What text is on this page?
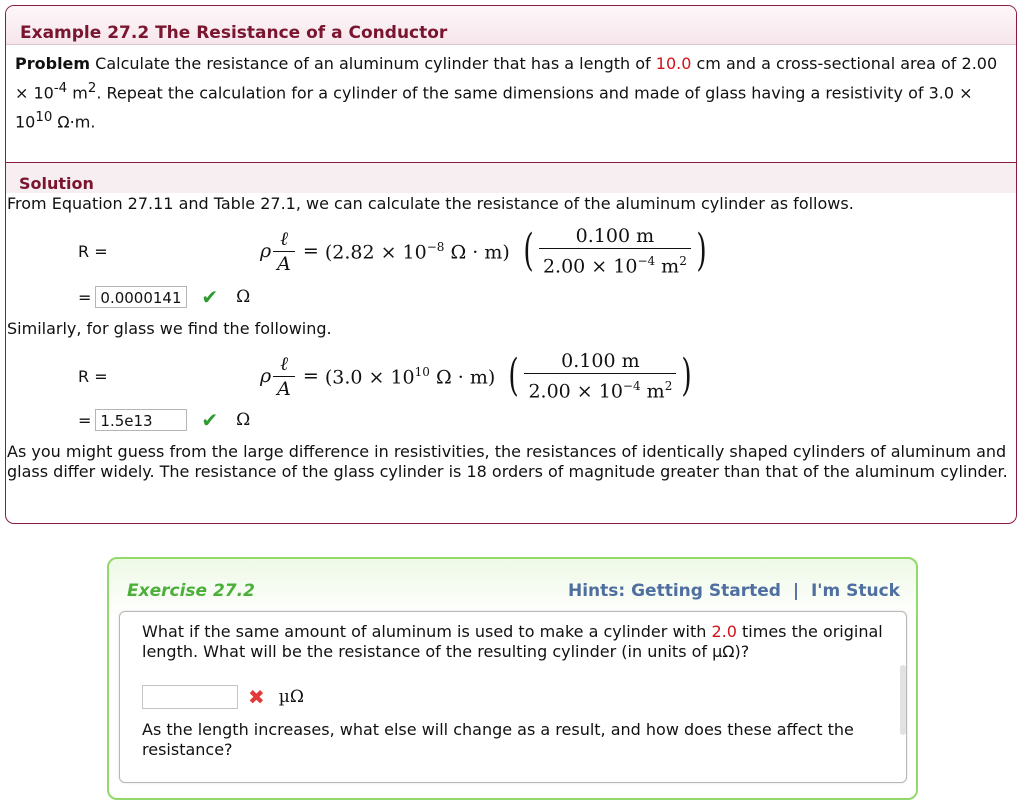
Example 27.2 The Resistance of a Conductor
Problem Calculate the resistance of an aluminum cylinder that has a length of 10.0 cm and a cross-sectional area of $2.00 \times 10^{-4}$ $m^2$. Repeat the calculation for a cylinder of the same dimensions and made of glass having a resistivity of $3.0 \times 10^{10}$ Ω·m.
Solution
From Equation 27.11 and Table 27.1, we can calculate the resistance of the aluminum cylinder as follows.
R =	ρ $\frac{\text{ℓ}}{A} = (2.82 \times 10^{-8}$ Ω · m) ( $\frac{0.100 m}{2.00 \times 10^{-4} m^2}$ )
= 0.0000141 ✔ Ω
Similarly, for glass we find the following.
R =	ρ $\frac{\text{ℓ}}{A} = (3.0 \times 10^{10}$ Ω · m) ( $\frac{0.100 m}{2.00 \times 10^{-4} m^2}$ )
= 1.5e13	✔ Ω
As you might guess from the large difference in resistivities, the resistances of identically shaped cylinders of aluminum and glass differ widely. The resistance of the glass cylinder is 18 orders of magnitude greater than that of the aluminum cylinder.
Exercise 27.2	Hints: Getting Started | I'm Stuck
What if the same amount of aluminum is used to make a cylinder with 2.0 times the original length. What will be the resistance of the resulting cylinder (in units of µΩ)?
✖ µΩ
As the length increases, what else will change as a result, and how does these affect the resistance?
